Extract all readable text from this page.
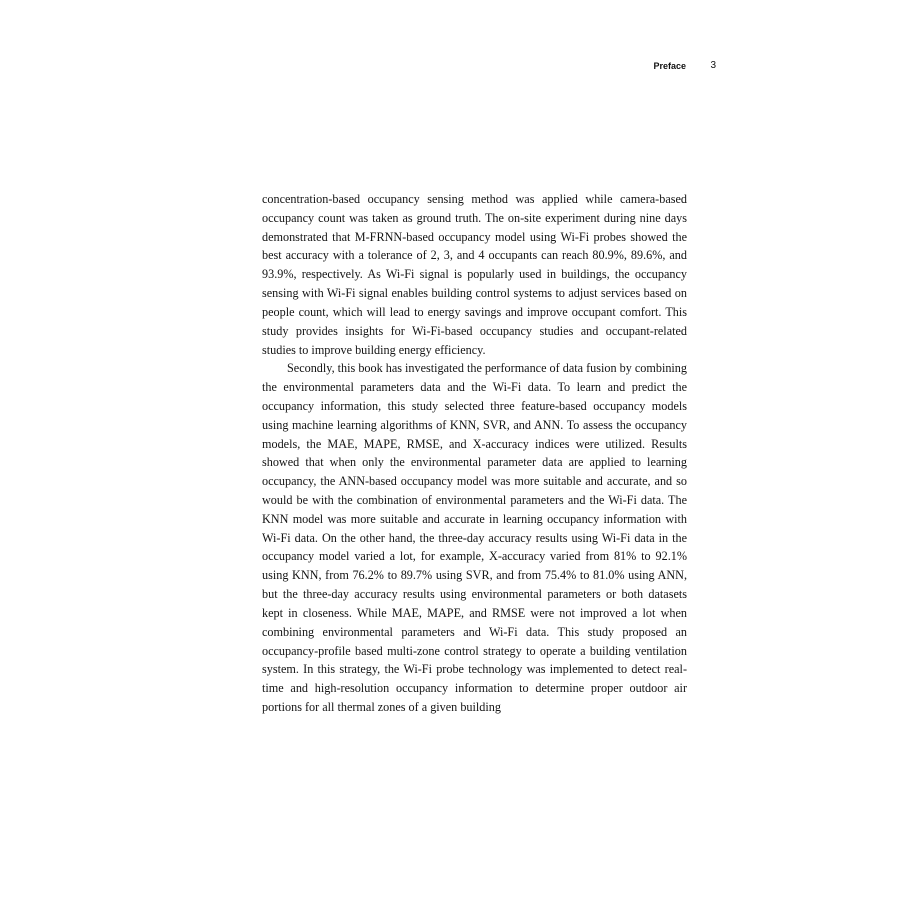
Preface 3

concentration-based occupancy sensing method was applied while camera-based occupancy count was taken as ground truth. The on-site experiment during nine days demonstrated that M-FRNN-based occupancy model using Wi-Fi probes showed the best accuracy with a tolerance of 2, 3, and 4 occupants can reach 80.9%, 89.6%, and 93.9%, respectively. As Wi-Fi signal is popularly used in buildings, the occupancy sensing with Wi-Fi signal enables building control systems to adjust services based on people count, which will lead to energy savings and improve occupant comfort. This study provides insights for Wi-Fi-based occupancy studies and occupant-related studies to improve building energy efficiency.

Secondly, this book has investigated the performance of data fusion by combining the environmental parameters data and the Wi-Fi data. To learn and predict the occupancy information, this study selected three feature-based occupancy models using machine learning algorithms of KNN, SVR, and ANN. To assess the occupancy models, the MAE, MAPE, RMSE, and X-accuracy indices were utilized. Results showed that when only the environmental parameter data are applied to learning occupancy, the ANN-based occupancy model was more suitable and accurate, and so would be with the combination of environmental parameters and the Wi-Fi data. The KNN model was more suitable and accurate in learning occupancy information with Wi-Fi data. On the other hand, the three-day accuracy results using Wi-Fi data in the occupancy model varied a lot, for example, X-accuracy varied from 81% to 92.1% using KNN, from 76.2% to 89.7% using SVR, and from 75.4% to 81.0% using ANN, but the three-day accuracy results using environmental parameters or both datasets kept in closeness. While MAE, MAPE, and RMSE were not improved a lot when combining environmental parameters and Wi-Fi data. This study proposed an occupancy-profile based multi-zone control strategy to operate a building ventilation system. In this strategy, the Wi-Fi probe technology was implemented to detect real-time and high-resolution occupancy information to determine proper outdoor air portions for all thermal zones of a given building
